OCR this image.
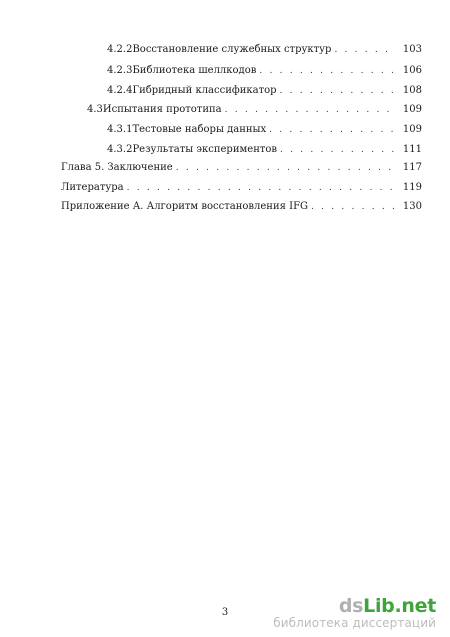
4.2.2 Восстановление служебных структур . . .	103
4.2.3 Библиотека шеллкодов . . .	106
4.2.4 Гибридный классификатор . . .	108
4.3 Испытания прототипа . . .	109
4.3.1 Тестовые наборы данных . . .	109
4.3.2 Результаты экспериментов . . .	111
Глава 5. Заключение . . .	117
Литература . . .	119
Приложение А. Алгоритм восстановления IFG . . .	130
3	dsLib.net
библиотека диссертаций
